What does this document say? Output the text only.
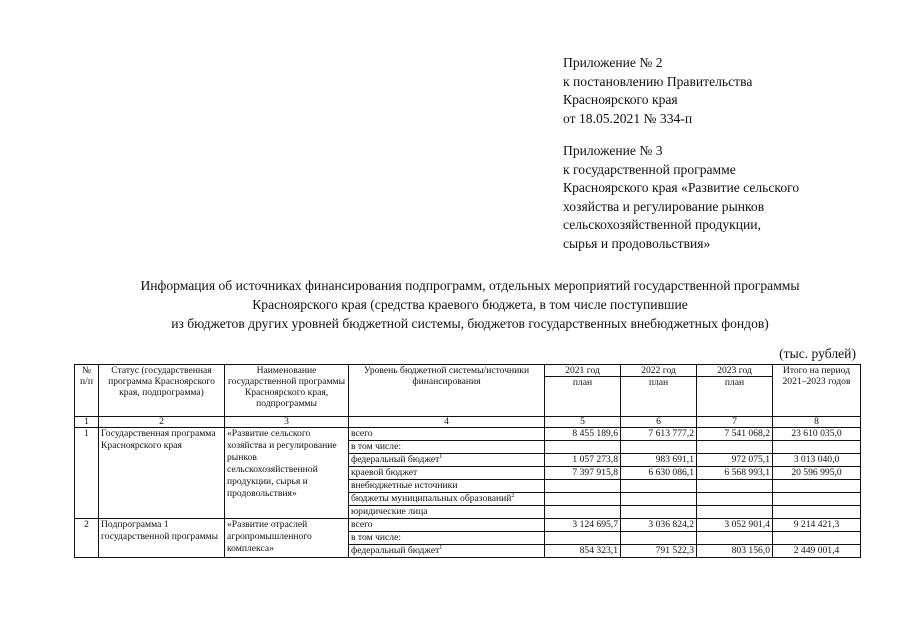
Приложение № 2
к постановлению Правительства
Красноярского края
от 18.05.2021 № 334-п
Приложение № 3
к государственной программе
Красноярского края «Развитие сельского
хозяйства и регулирование рынков
сельскохозяйственной продукции,
сырья и продовольствия»
Информация об источниках финансирования подпрограмм, отдельных мероприятий государственной программы
Красноярского края (средства краевого бюджета, в том числе поступившие
из бюджетов других уровней бюджетной системы, бюджетов государственных внебюджетных фондов)
(тыс. рублей)
№ п/п	Статус (государственная программа Красноярского края, подпрограмма)	Наименование государственной программы Красноярского края, подпрограммы	Уровень бюджетной системы/источники финансирования	2021 год	2022 год	2023 год	Итого на период 2021–2023 годов
				план	план	план	
1	2	3	4	5	6	7	8
1	Государственная программа Красноярского края	«Развитие сельского хозяйства и регулирование рынков сельскохозяйственной продукции, сырья и продовольствия»	всего	8 455 189,6	7 613 777,2	7 541 068,2	23 610 035,0
			в том числе:				
			федеральный бюджет$^1$	1 057 273,8	983 691,1	972 075,1	3 013 040,0
			краевой бюджет	7 397 915,8	6 630 086,1	6 568 993,1	20 596 995,0
			внебюджетные источники				
			бюджеты муниципальных образований$^2$				
			юридические лица				
2	Подпрограмма 1 государственной программы	«Развитие отраслей агропромышленного комплекса»	всего	3 124 695,7	3 036 824,2	3 052 901,4	9 214 421,3
			в том числе:				
			федеральный бюджет$^1$	854 323,1	791 522,3	803 156,0	2 449 001,4
